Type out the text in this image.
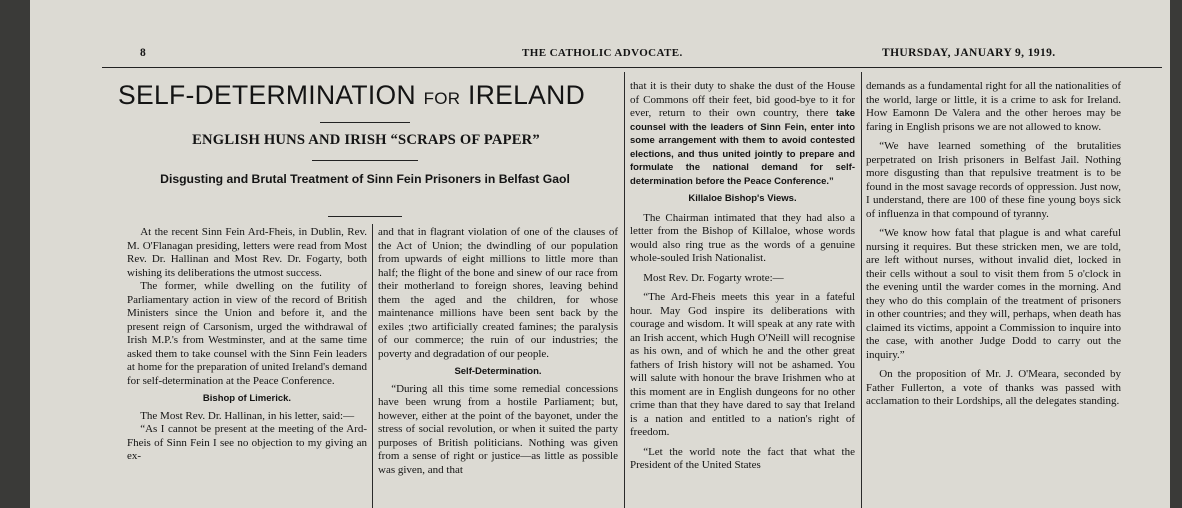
8	THE CATHOLIC ADVOCATE.	THURSDAY, JANUARY 9, 1919.
SELF-DETERMINATION FOR IRELAND
ENGLISH HUNS AND IRISH “SCRAPS OF PAPER”
Disgusting and Brutal Treatment of Sinn Fein Prisoners in Belfast Gaol

At the recent Sinn Fein Ard-Fheis, in Dublin, Rev. M. O'Flanagan presiding, letters were read from Most Rev. Dr. Hallinan and Most Rev. Dr. Fogarty, both wishing its deliberations the utmost success.

The former, while dwelling on the futility of Parliamentary action in view of the record of British Ministers since the Union and before it, and the present reign of Carsonism, urged the withdrawal of Irish M.P.'s from Westminster, and at the same time asked them to take counsel with the Sinn Fein leaders at home for the preparation of united Ireland's demand for self-determination at the Peace Conference.

Bishop of Limerick.

The Most Rev. Dr. Hallinan, in his letter, said:—

“As I cannot be present at the meeting of the Ard-Fheis of Sinn Fein I see no objection to my giving an ex-

and that in flagrant violation of one of the clauses of the Act of Union; the dwindling of our population from upwards of eight millions to little more than half; the flight of the bone and sinew of our race from their motherland to foreign shores, leaving behind them the aged and the children, for whose maintenance millions have been sent back by the exiles ;two artificially created famines; the paralysis of our commerce; the ruin of our industries; the poverty and degradation of our people.

Self-Determination.

“During all this time some remedial concessions have been wrung from a hostile Parliament; but, however, either at the point of the bayonet, under the stress of social revolution, or when it suited the party purposes of British politicians. Nothing was given from a sense of right or justice—as little as possible was given, and that

that it is their duty to shake the dust of the House of Commons off their feet, bid good-bye to it for ever, return to their own country, there take counsel with the leaders of Sinn Fein, enter into some arrangement with them to avoid contested elections, and thus united jointly to prepare and formulate the national demand for self-determination before the Peace Conference.”

Killaloe Bishop's Views.

The Chairman intimated that they had also a letter from the Bishop of Killaloe, whose words would also ring true as the words of a genuine whole-souled Irish Nationalist.

Most Rev. Dr. Fogarty wrote:—

“The Ard-Fheis meets this year in a fateful hour. May God inspire its deliberations with courage and wisdom. It will speak at any rate with an Irish accent, which Hugh O'Neill will recognise as his own, and of which he and the other great fathers of Irish history will not be ashamed. You will salute with honour the brave Irishmen who at this moment are in English dungeons for no other crime than that they have dared to say that Ireland is a nation and entitled to a nation's right of freedom.

“Let the world note the fact that what the President of the United States

demands as a fundamental right for all the nationalities of the world, large or little, it is a crime to ask for Ireland. How Eamonn De Valera and the other heroes may be faring in English prisons we are not allowed to know.

“We have learned something of the brutalities perpetrated on Irish prisoners in Belfast Jail. Nothing more disgusting than that repulsive treatment is to be found in the most savage records of oppression. Just now, I understand, there are 100 of these fine young boys sick of influenza in that compound of tyranny.

“We know how fatal that plague is and what careful nursing it requires. But these stricken men, we are told, are left without nurses, without invalid diet, locked in their cells without a soul to visit them from 5 o'clock in the evening until the warder comes in the morning. And they who do this complain of the treatment of prisoners in other countries; and they will, perhaps, when death has claimed its victims, appoint a Commission to inquire into the case, with another Judge Dodd to carry out the inquiry.”

On the proposition of Mr. J. O'Meara, seconded by Father Fullerton, a vote of thanks was passed with acclamation to their Lordships, all the delegates standing.
